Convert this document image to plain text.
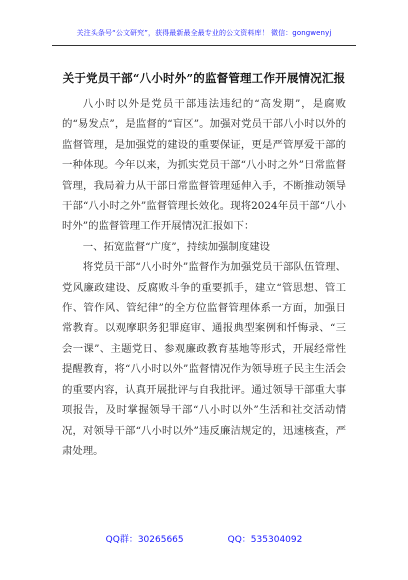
关注头条号“公文研究”，获得最新最全最专业的公文资料库！ 微信：gongwenyj
关于党员干部“八小时外”的监督管理工作开展情况汇报

八小时以外是党员干部违法违纪的“高发期”，是腐败的“易发点”，是监督的“盲区”。加强对党员干部八小时以外的监督管理，是加强党的建设的重要保证，更是严管厚爱干部的一种体现。今年以来，为抓实党员干部“八小时之外”日常监督管理，我局着力从干部日常监督管理延伸入手，不断推动领导干部“八小时之外”监督管理长效化。现将2024年员干部“八小时外”的监督管理工作开展情况汇报如下：

一、拓宽监督“广度”，持续加强制度建设

将党员干部“八小时外”监督作为加强党员干部队伍管理、党风廉政建设、反腐败斗争的重要抓手，建立“管思想、管工作、管作风、管纪律”的全方位监督管理体系一方面，加强日常教育。以观摩职务犯罪庭审、通报典型案例和忏悔录、“三会一课”、主题党日、参观廉政教育基地等形式，开展经常性提醒教育，将“八小时以外”监督情况作为领导班子民主生活会的重要内容，认真开展批评与自我批评。通过领导干部重大事项报告，及时掌握领导干部“八小时以外”生活和社交活动情况，对领导干部“八小时以外”违反廉洁规定的，迅速核查，严肃处理。

QQ群：30265665	QQ：535304092
